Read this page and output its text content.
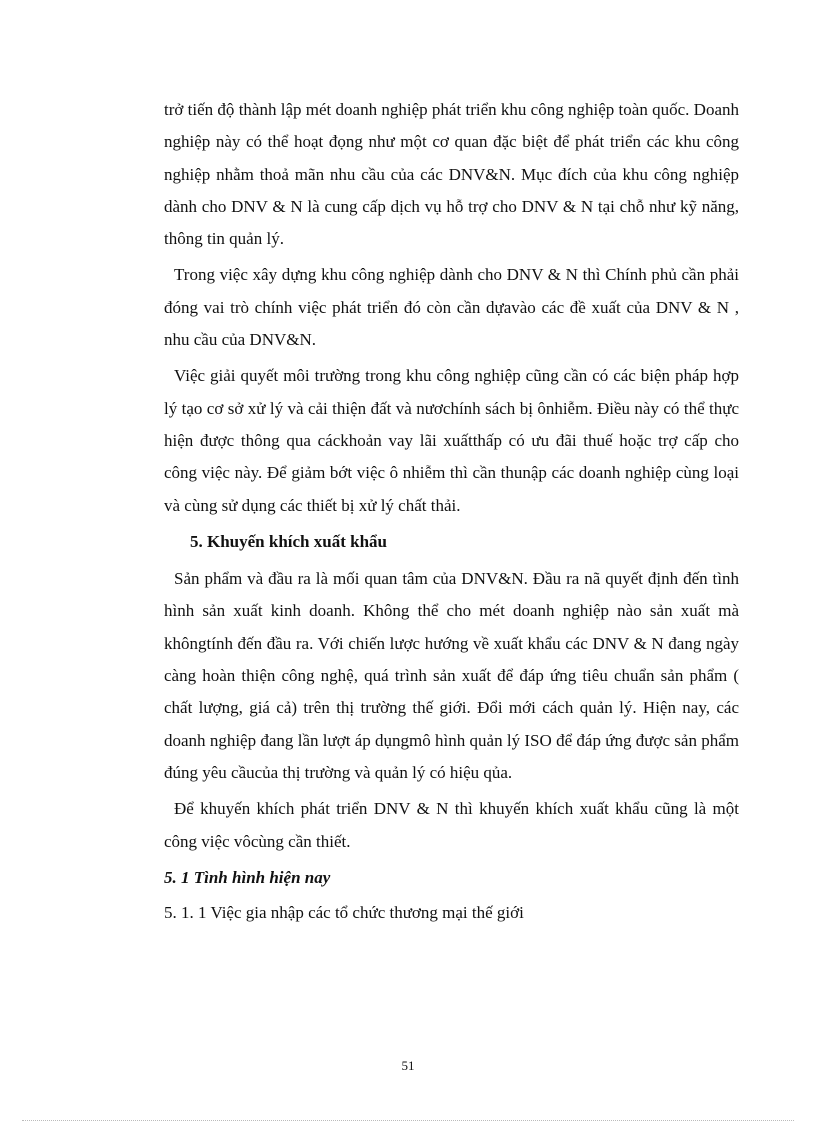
trở tiến độ thành lập mét doanh nghiệp phát triển khu công nghiệp toàn quốc. Doanh nghiệp này có thể hoạt đọng như một cơ quan đặc biệt để phát triển các khu công nghiệp nhằm thoả mãn nhu cầu của các DNV&N. Mục đích của khu công nghiệp dành cho DNV & N là cung cấp dịch vụ hỗ trợ cho DNV & N tại chỗ như kỹ năng, thông tin quản lý.

Trong việc xây dựng khu công nghiệp dành cho DNV & N thì Chính phủ cần phải đóng vai trò chính việc phát triển đó còn cần dựavào các đề xuất của DNV & N , nhu cầu của DNV&N.

Việc giải quyết môi trường trong khu công nghiệp cũng cần có các biện pháp hợp lý tạo cơ sở xử lý và cải thiện đất và nươchính sách bị ônhiễm. Điều này có thể thực hiện được thông qua cáckhoản vay lãi xuấtthấp có ưu đãi thuế hoặc trợ cấp cho công việc này. Để giảm bớt việc ô nhiễm thì cần thunập các doanh nghiệp cùng loại và cùng sử dụng các thiết bị xử lý chất thải.

5. Khuyến khích xuất khẩu

Sản phẩm và đầu ra là mối quan tâm của DNV&N. Đầu ra nã quyết định đến tình hình sản xuất kinh doanh. Không thể cho mét doanh nghiệp nào sản xuất mà khôngtính đến đầu ra. Với chiến lược hướng về xuất khẩu các DNV & N đang ngày càng hoàn thiện công nghệ, quá trình sản xuất để đáp ứng tiêu chuẩn sản phẩm ( chất lượng, giá cả) trên thị trường thế giới. Đổi mới cách quản lý. Hiện nay, các doanh nghiệp đang lần lượt áp dụngmô hình quản lý ISO để đáp ứng được sản phẩm đúng yêu cầucủa thị trường và quản lý có hiệu qủa.

Để khuyến khích phát triển DNV & N thì khuyến khích xuất khẩu cũng là một công việc vôcùng cần thiết.

5. 1 Tình hình hiện nay
5. 1. 1 Việc gia nhập các tổ chức thương mại thế giới
51
